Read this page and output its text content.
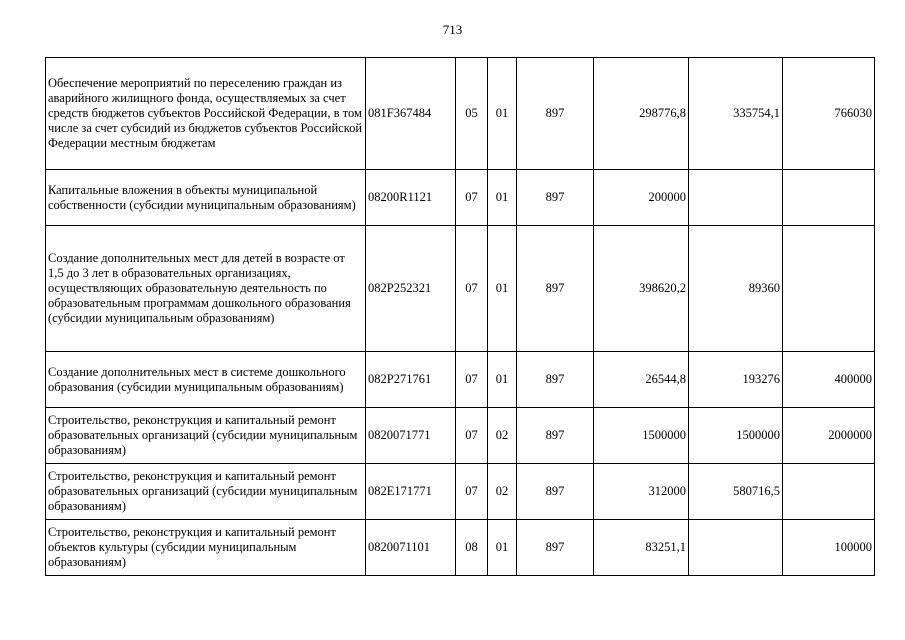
713
Обеспечение мероприятий по переселению граждан из аварийного жилищного фонда, осуществляемых за счет средств бюджетов субъектов Российской Федерации, в том числе за счет субсидий из бюджетов субъектов Российской Федерации местным бюджетам	081F367484	05	01	897	298776,8	335754,1	766030
Капитальные вложения в объекты муниципальной собственности (субсидии муниципальным образованиям)	08200R1121	07	01	897	200000		
Создание дополнительных мест для детей в возрасте от 1,5 до 3 лет в образовательных организациях, осуществляющих образовательную деятельность по образовательным программам дошкольного образования (субсидии муниципальным образованиям)	082P252321	07	01	897	398620,2	89360	
Создание дополнительных мест в системе дошкольного образования (субсидии муниципальным образованиям)	082P271761	07	01	897	26544,8	193276	400000
Строительство, реконструкция и капитальный ремонт образовательных организаций (субсидии муниципальным образованиям)	0820071771	07	02	897	1500000	1500000	2000000
Строительство, реконструкция и капитальный ремонт образовательных организаций (субсидии муниципальным образованиям)	082E171771	07	02	897	312000	580716,5	
Строительство, реконструкция и капитальный ремонт объектов культуры (субсидии муниципальным образованиям)	0820071101	08	01	897	83251,1		100000
